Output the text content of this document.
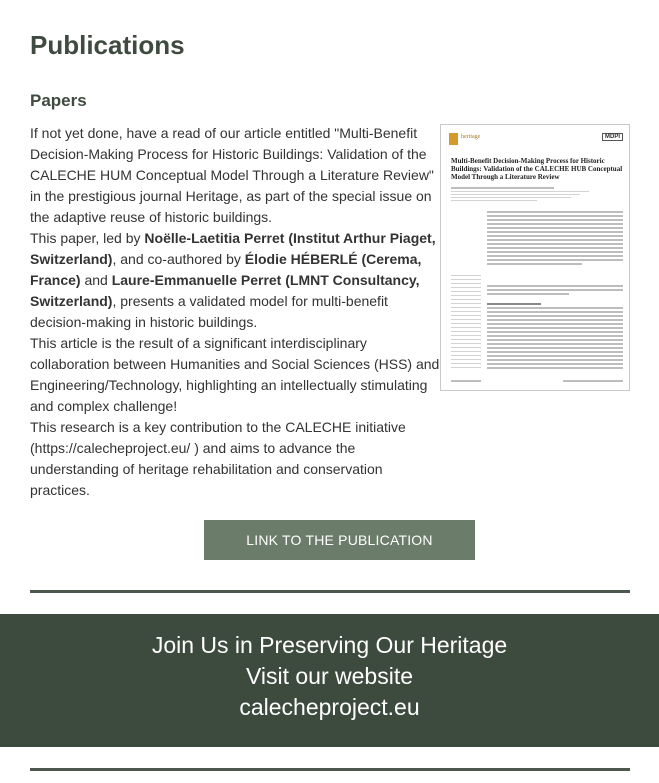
Publications
Papers

If not yet done, have a read of our article entitled "Multi-Benefit Decision-Making Process for Historic Buildings: Validation of the CALECHE HUM Conceptual Model Through a Literature Review" in the prestigious journal Heritage, as part of the special issue on the adaptive reuse of historic buildings.

This paper, led by Noëlle-Laetitia Perret (Institut Arthur Piaget, Switzerland), and co-authored by Élodie HÉBERLÉ (Cerema, France) and Laure-Emmanuelle Perret (LMNT Consultancy, Switzerland), presents a validated model for multi-benefit decision-making in historic buildings.

This article is the result of a significant interdisciplinary collaboration between Humanities and Social Sciences (HSS) and Engineering/Technology, highlighting an intellectually stimulating and complex challenge!

This research is a key contribution to the CALECHE initiative (https://calecheproject.eu/ ) and aims to advance the understanding of heritage rehabilitation and conservation practices.

heritage	MDPI
Multi-Benefit Decision-Making Process for Historic Buildings: Validation of the CALECHE HUB Conceptual Model Through a Literature Review
LINK TO THE PUBLICATION
Join Us in Preserving Our Heritage
Visit our website
calecheproject.eu
